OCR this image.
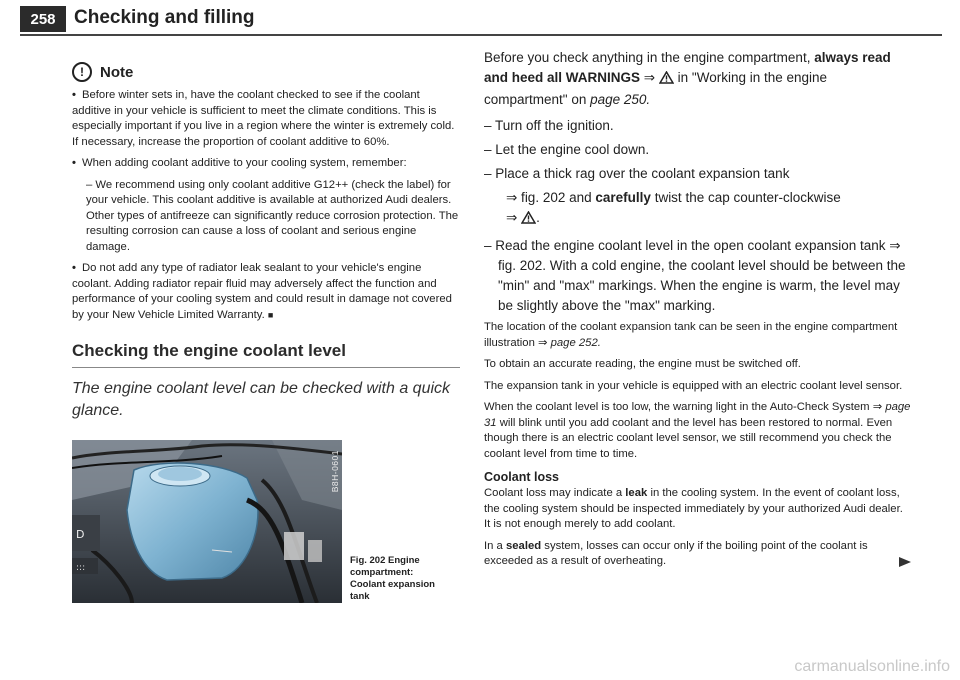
258 Checking and filling
!	Note

• Before winter sets in, have the coolant checked to see if the coolant additive in your vehicle is sufficient to meet the climate conditions. This is especially important if you live in a region where the winter is extremely cold. If necessary, increase the proportion of coolant additive to 60%.

• When adding coolant additive to your cooling system, remember:

– We recommend using only coolant additive G12++ (check the label) for your vehicle. This coolant additive is available at authorized Audi dealers. Other types of antifreeze can significantly reduce corrosion protection. The resulting corrosion can cause a loss of coolant and serious engine damage.

• Do not add any type of radiator leak sealant to your vehicle's engine coolant. Adding radiator repair fluid may adversely affect the function and performance of your cooling system and could result in damage not covered by your New Vehicle Limited Warranty. ■

Checking the engine coolant level
The engine coolant level can be checked with a quick glance.
D
:::
B8H-0601
Fig. 202 Engine compartment: Coolant expansion tank

Before you check anything in the engine compartment, always read and heed all WARNINGS ⇒ in "Working in the engine compartment" on page 250.

– Turn off the ignition.

– Let the engine cool down.

– Place a thick rag over the coolant expansion tank

⇒ fig. 202 and carefully twist the cap counter-clockwise
⇒ .

– Read the engine coolant level in the open coolant expansion tank ⇒ fig. 202. With a cold engine, the coolant level should be between the "min" and "max" markings. When the engine is warm, the level may be slightly above the "max" marking.

The location of the coolant expansion tank can be seen in the engine compartment illustration ⇒ page 252.

To obtain an accurate reading, the engine must be switched off.

The expansion tank in your vehicle is equipped with an electric coolant level sensor.

When the coolant level is too low, the warning light in the Auto-Check System ⇒ page 31 will blink until you add coolant and the level has been restored to normal. Even though there is an electric coolant level sensor, we still recommend you check the coolant level from time to time.

Coolant loss

Coolant loss may indicate a leak in the cooling system. In the event of coolant loss, the cooling system should be inspected immediately by your authorized Audi dealer. It is not enough merely to add coolant.

In a sealed system, losses can occur only if the boiling point of the coolant is exceeded as a result of overheating.

carmanualsonline.info
